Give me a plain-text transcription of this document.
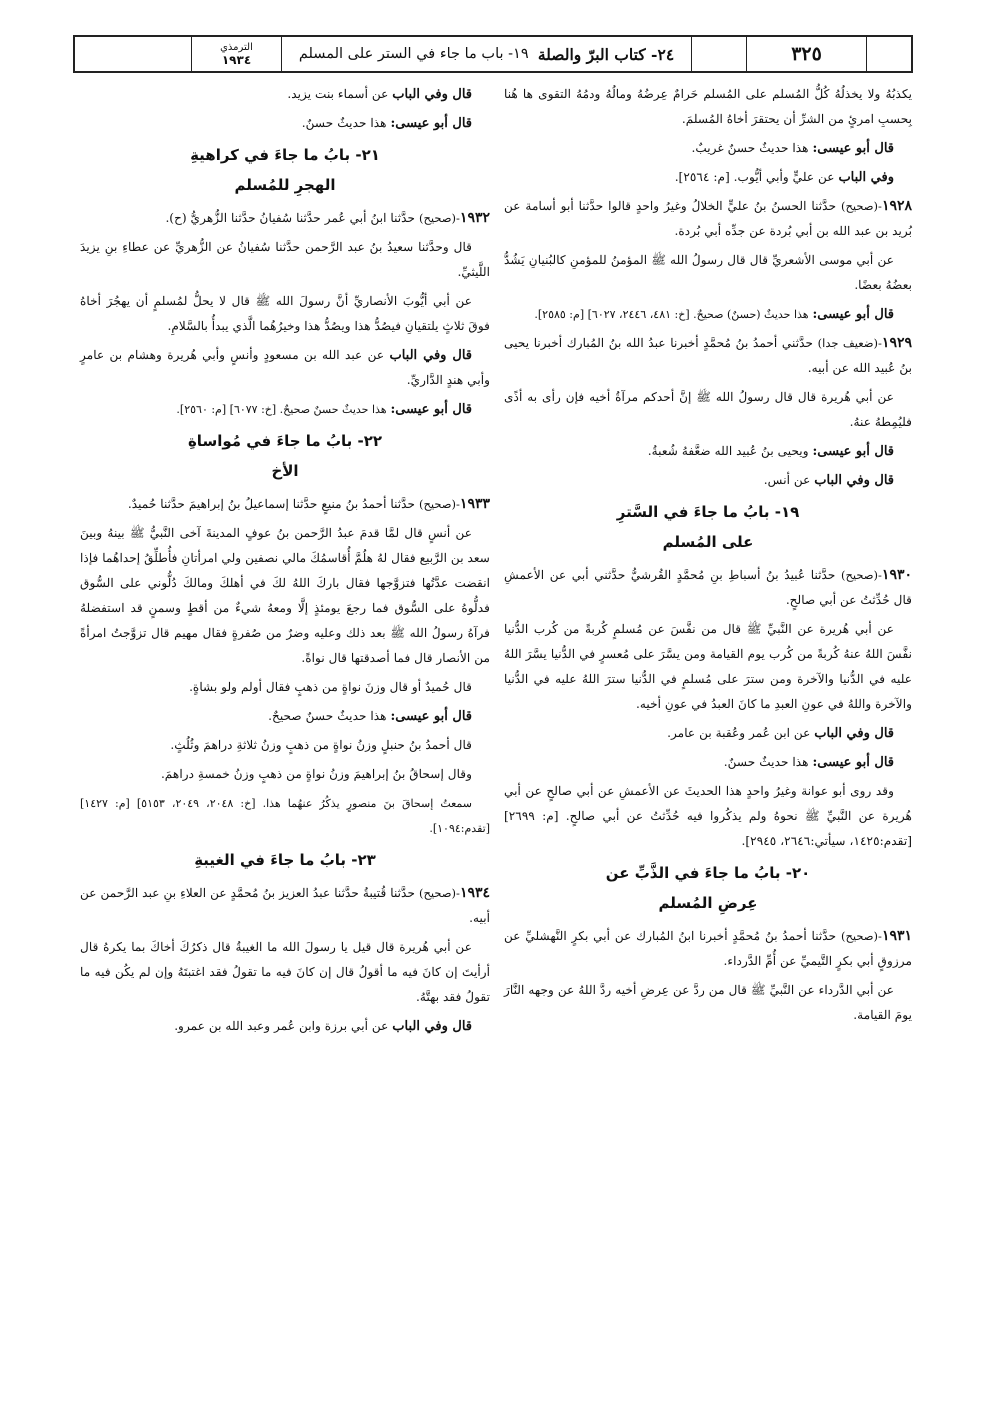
٣٢٥
٢٤- كتاب البرّ والصلة

١٩- باب ما جاء في الستر على المسلم
الترمذي
١٩٣٤

يكذبُهُ ولا يخذلُهُ كُلُّ المُسلم على المُسلم حَرامٌ عِرضُهُ ومالُهُ ودمُهُ التقوى ها هُنا بِحسبِ امرئٍ من الشرِّ أن يحتقرَ أخاهُ المُسلمَ.

قال أبو عيسى: هذا حديثٌ حسنٌ غريبٌ.

وفي الباب عن عليٍّ وأبي أيُّوب. [م: ٢٥٦٤].

١٩٢٨-(صحيح) حدَّثنا الحسنُ بنُ عليٍّ الخلالُ وغيرُ واحدٍ قالوا حدَّثنا أبو أسامة عن بُريد بن عبد الله بن أبي بُردة عن جدِّه أبي بُردة.

عن أبي موسى الأشعريِّ قال قال رسولُ الله ﷺ المؤمنُ للمؤمنِ كالبُنيانِ يَشُدُّ بعضُهُ بعضًا.

قال أبو عيسى: هذا حديثٌ (حسنٌ) صحيحٌ. [خ: ٤٨١، ٢٤٤٦، ٦٠٢٧] [م: ٢٥٨٥].

١٩٢٩-(ضعيف جدا) حدَّثني أحمدُ بنُ مُحمَّدٍ أخبرنا عبدُ الله بنُ المُبارك أخبرنا يحيى بنُ عُبيد الله عن أبيه.

عن أبي هُريرة قال قال رسولُ الله ﷺ إنَّ أحدكم مرآةُ أخيه فإن رأى به أذًى فليُمِطهُ عنهُ.

قال أبو عيسى: ويحيى بنُ عُبيد الله ضعَّفهُ شُعبةُ.

قال وفي الباب عن أنس.

١٩- بابُ ما جاءَ في السَّترِ
على المُسلم

١٩٣٠-(صحيح) حدَّثنا عُبيدُ بنُ أسباطِ بنِ مُحمَّدٍ القُرشيُّ حدَّثني أبي عن الأعمشِ قال حُدِّثتُ عن أبي صالحٍ.

عن أبي هُريرة عن النَّبيِّ ﷺ قال من نفَّسَ عن مُسلمٍ كُربةً من كُرب الدُّنيا نفَّسَ اللهُ عنهُ كُربةً من كُرب يوم القيامة ومن يسَّرَ على مُعسرٍ في الدُّنيا يسَّرَ اللهُ عليه في الدُّنيا والآخرة ومن سترَ على مُسلمٍ في الدُّنيا سترَ اللهُ عليه في الدُّنيا والآخرة واللهُ في عونِ العبدِ ما كانَ العبدُ في عونِ أخيه.

قال وفي الباب عن ابن عُمر وعُقبة بن عامر.

قال أبو عيسى: هذا حديثٌ حسنٌ.

وقد روى أبو عوانة وغيرُ واحدٍ هذا الحديثَ عن الأعمشِ عن أبي صالحٍ عن أبي هُريرة عن النَّبيِّ ﷺ نحوهُ ولم يذكُروا فيه حُدِّثتُ عن أبي صالحٍ. [م: ٢٦٩٩] [تقدم:١٤٢٥، سيأتي:٢٦٤٦، ٢٩٤٥].

٢٠- بابُ ما جاءَ في الذَّبِّ عن
عِرضِ المُسلم

١٩٣١-(صحيح) حدَّثنا أحمدُ بنُ مُحمَّدٍ أخبرنا ابنُ المُبارك عن أبي بكرٍ النَّهشليِّ عن مرزوقٍ أبي بكرٍ التَّيميِّ عن أُمِّ الدَّرداء.

عن أبي الدَّرداء عن النَّبيِّ ﷺ قال من ردَّ عن عِرضِ أخيه ردَّ اللهُ عن وجهه النَّارَ يومَ القيامة.

قال وفي الباب عن أسماء بنت يزيد.

قال أبو عيسى: هذا حديثٌ حسنٌ.

٢١- بابُ ما جاءَ في كراهيةِ
الهجرِ للمُسلم

١٩٣٢-(صحيح) حدَّثنا ابنُ أبي عُمر حدَّثنا سُفيانُ حدَّثنا الزُّهريُّ (ح).

قال وحدَّثنا سعيدُ بنُ عبد الرَّحمن حدَّثنا سُفيانُ عن الزُّهريِّ عن عطاءِ بنِ يزيدَ اللَّيثيِّ.

عن أبي أيُّوبَ الأنصاريِّ أنَّ رسولَ الله ﷺ قال لا يحلُّ لمُسلمٍ أن يهجُرَ أخاهُ فوقَ ثلاثٍ يلتقيانِ فيصُدُّ هذا ويصُدُّ هذا وخيرُهُما الَّذي يبدأُ بالسَّلامِ.

قال وفي الباب عن عبد الله بن مسعودٍ وأنسٍ وأبي هُريرة وهشام بن عامرٍ وأبي هندٍ الدَّاريِّ.

قال أبو عيسى: هذا حديثٌ حسنٌ صحيحٌ. [خ: ٦٠٧٧] [م: ٢٥٦٠].

٢٢- بابُ ما جاءَ في مُواساةِ
الأخ

١٩٣٣-(صحيح) حدَّثنا أحمدُ بنُ منيعٍ حدَّثنا إسماعيلُ بنُ إبراهيمَ حدَّثنا حُميدٌ.

عن أنسٍ قال لمَّا قدمَ عبدُ الرَّحمن بنُ عوفٍ المدينةَ آخى النَّبيُّ ﷺ بينهُ وبينَ سعد بن الرَّبيع فقال لهُ هلُمَّ أُقاسمُكَ مالي نصفين ولي امرأتانِ فأُطلِّقُ إحداهُما فإذا انقضت عدَّتُها فتزوَّجها فقال باركَ اللهُ لكَ في أهلكَ ومالكَ دُلُّوني على السُّوق فدلُّوهُ على السُّوق فما رجعَ يومئذٍ إلَّا ومعهُ شيءٌ من أقطٍ وسمنٍ قد استفضلهُ فرآهُ رسولُ الله ﷺ بعد ذلك وعليه وضرٌ من صُفرةٍ فقال مهيم قال تزوَّجتُ امرأةً من الأنصار قال فما أصدقتها قال نواةً.

قال حُميدٌ أو قال وزنَ نواةٍ من ذهبٍ فقال أولم ولو بشاةٍ.

قال أبو عيسى: هذا حديثٌ حسنٌ صحيحٌ.

قال أحمدُ بنُ حنبلٍ وزنُ نواةٍ من ذهبٍ وزنُ ثلاثةِ دراهمَ وثُلُثٍ.

وقال إسحاقُ بنُ إبراهيمَ وزنُ نواةٍ من ذهبٍ وزنُ خمسةِ دراهمَ.

سمعتُ إسحاقَ بنَ منصورٍ يذكُرُ عنهُما هذا. [خ: ٢٠٤٨، ٢٠٤٩، ٥١٥٣] [م: ١٤٢٧][تقدم:١٠٩٤].

٢٣- بابُ ما جاءَ في الغيبةِ

١٩٣٤-(صحيح) حدَّثنا قُتيبةُ حدَّثنا عبدُ العزيز بنُ مُحمَّدٍ عن العلاءِ بنِ عبد الرَّحمن عن أبيه.

عن أبي هُريرة قال قيل يا رسولَ الله ما الغيبةُ قال ذكرُكَ أخاكَ بما يكرهُ قال أرأيتَ إن كانَ فيه ما أقولُ قال إن كانَ فيه ما تقولُ فقد اغتبتَهُ وإن لم يكُن فيه ما تقولُ فقد بهتَّهُ.

قال وفي الباب عن أبي برزة وابن عُمر وعبد الله بن عمرو.
